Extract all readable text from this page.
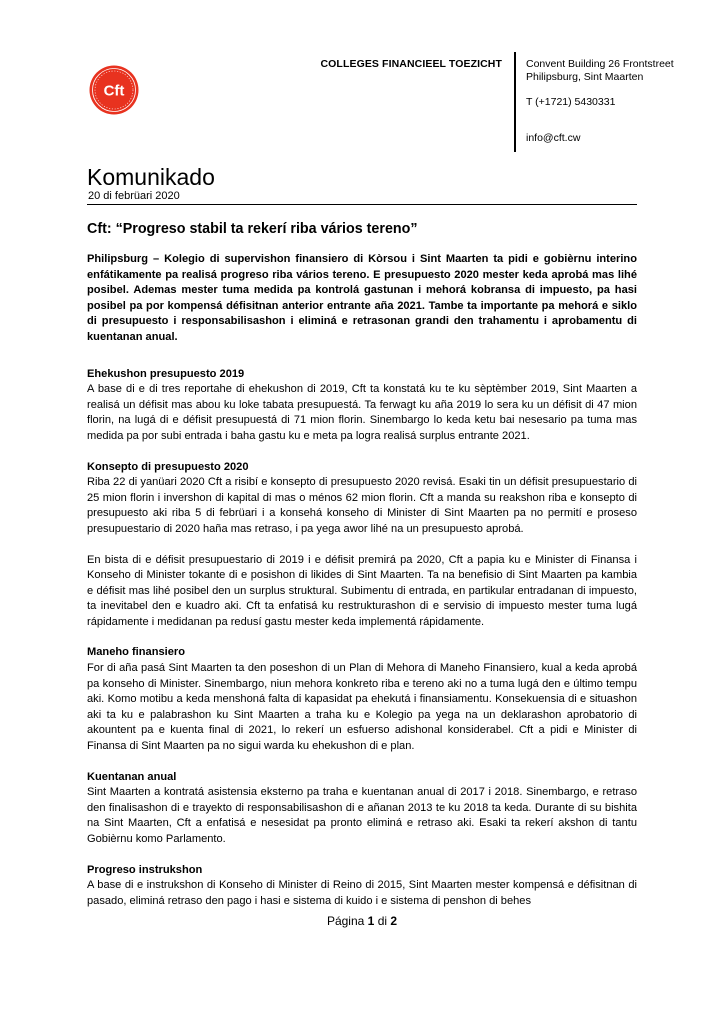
Cft
COLLEGES FINANCIEEL TOEZICHT Convent Building 26 Frontstreet
Philipsburg, Sint Maarten
T (+1721) 5430331
info@cft.cw
Komunikado
20 di febrüari 2020
Cft: “Progreso stabil ta rekerí riba vários tereno”

Philipsburg – Kolegio di supervishon finansiero di Kòrsou i Sint Maarten ta pidi e gobièrnu interino enfátikamente pa realisá progreso riba vários tereno. E presupuesto 2020 mester keda aprobá mas lihé posibel. Ademas mester tuma medida pa kontrolá gastunan i mehorá kobransa di impuesto, pa hasi posibel pa por kompensá défisitnan anterior entrante aña 2021. Tambe ta importante pa mehorá e siklo di presupuesto i responsabilisashon i eliminá e retrasonan grandi den trahamentu i aprobamentu di kuentanan anual.

Ehekushon presupuesto 2019

A base di e di tres reportahe di ehekushon di 2019, Cft ta konstatá ku te ku sèptèmber 2019, Sint Maarten a realisá un défisit mas abou ku loke tabata presupuestá. Ta ferwagt ku aña 2019 lo sera ku un défisit di 47 mion florin, na lugá di e défisit presupuestá di 71 mion florin. Sinembargo lo keda ketu bai nesesario pa tuma mas medida pa por subi entrada i baha gastu ku e meta pa logra realisá surplus entrante 2021.

Konsepto di presupuesto 2020

Riba 22 di yanüari 2020 Cft a risibí e konsepto di presupuesto 2020 revisá. Esaki tin un défisit presupuestario di 25 mion florin i invershon di kapital di mas o ménos 62 mion florin. Cft a manda su reakshon riba e konsepto di presupuesto aki riba 5 di febrüari i a konsehá konseho di Minister di Sint Maarten pa no permití e proseso presupuestario di 2020 haña mas retraso, i pa yega awor lihé na un presupuesto aprobá.

En bista di e défisit presupuestario di 2019 i e défisit premirá pa 2020, Cft a papia ku e Minister di Finansa i Konseho di Minister tokante di e posishon di likides di Sint Maarten. Ta na benefisio di Sint Maarten pa kambia e défisit mas lihé posibel den un surplus struktural. Subimentu di entrada, en partikular entradanan di impuesto, ta inevitabel den e kuadro aki. Cft ta enfatisá ku restrukturashon di e servisio di impuesto mester tuma lugá rápidamente i medidanan pa redusí gastu mester keda implementá rápidamente.

Maneho finansiero

For di aña pasá Sint Maarten ta den poseshon di un Plan di Mehora di Maneho Finansiero, kual a keda aprobá pa konseho di Minister. Sinembargo, niun mehora konkreto riba e tereno aki no a tuma lugá den e último tempu aki. Komo motibu a keda menshoná falta di kapasidat pa ehekutá i finansiamentu. Konsekuensia di e situashon aki ta ku e palabrashon ku Sint Maarten a traha ku e Kolegio pa yega na un deklarashon aprobatorio di akountent pa e kuenta final di 2021, lo rekerí un esfuerso adishonal konsiderabel. Cft a pidi e Minister di Finansa di Sint Maarten pa no sigui warda ku ehekushon di e plan.

Kuentanan anual

Sint Maarten a kontratá asistensia eksterno pa traha e kuentanan anual di 2017 i 2018. Sinembargo, e retraso den finalisashon di e trayekto di responsabilisashon di e añanan 2013 te ku 2018 ta keda. Durante di su bishita na Sint Maarten, Cft a enfatisá e nesesidat pa pronto eliminá e retraso aki. Esaki ta rekerí akshon di tantu Gobièrnu komo Parlamento.

Progreso instrukshon

A base di e instrukshon di Konseho di Minister di Reino di 2015, Sint Maarten mester kompensá e défisitnan di pasado, eliminá retraso den pago i hasi e sistema di kuido i e sistema di penshon di behes

Página 1 di 2
